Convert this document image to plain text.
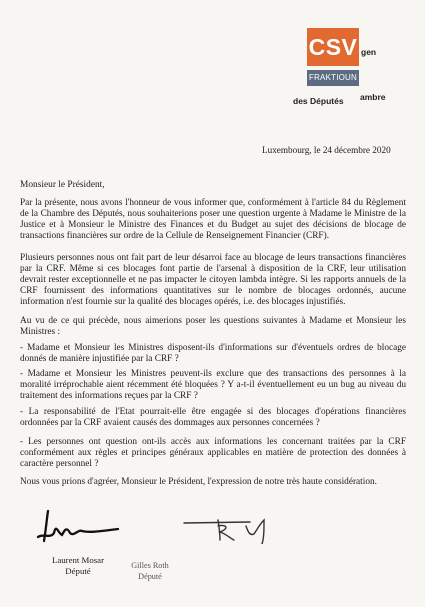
CSV
FRAKTIOUN
gen
ambre
des Députés
Luxembourg, le 24 décembre 2020
Monsieur le Président,
Par la présente, nous avons l'honneur de vous informer que, conformément à l'article 84 du Règlement de la Chambre des Députés, nous souhaiterions poser une question urgente à Madame le Ministre de la Justice et à Monsieur le Ministre des Finances et du Budget au sujet des décisions de blocage de transactions financières sur ordre de la Cellule de Renseignement Financier (CRF).
Plusieurs personnes nous ont fait part de leur désarroi face au blocage de leurs transactions financières par la CRF. Même si ces blocages font partie de l'arsenal à disposition de la CRF, leur utilisation devrait rester exceptionnelle et ne pas impacter le citoyen lambda intègre. Si les rapports annuels de la CRF fournissent des informations quantitatives sur le nombre de blocages ordonnés, aucune information n'est fournie sur la qualité des blocages opérés, i.e. des blocages injustifiés.
Au vu de ce qui précède, nous aimerions poser les questions suivantes à Madame et Monsieur les Ministres :
- Madame et Monsieur les Ministres disposent-ils d'informations sur d'éventuels ordres de blocage donnés de manière injustifiée par la CRF ?
- Madame et Monsieur les Ministres peuvent-ils exclure que des transactions des personnes à la moralité irréprochable aient récemment été bloquées ? Y a-t-il éventuellement eu un bug au niveau du traitement des informations reçues par la CRF ?
- La responsabilité de l'Etat pourrait-elle être engagée si des blocages d'opérations financières ordonnées par la CRF avaient causés des dommages aux personnes concernées ?
- Les personnes ont question ont-ils accès aux informations les concernant traitées par la CRF conformément aux règles et principes généraux applicables en matière de protection des données à caractère personnel ?
Nous vous prions d'agréer, Monsieur le Président, l'expression de notre très haute considération.
Laurent Mosar
Député
Gilles Roth
Député
